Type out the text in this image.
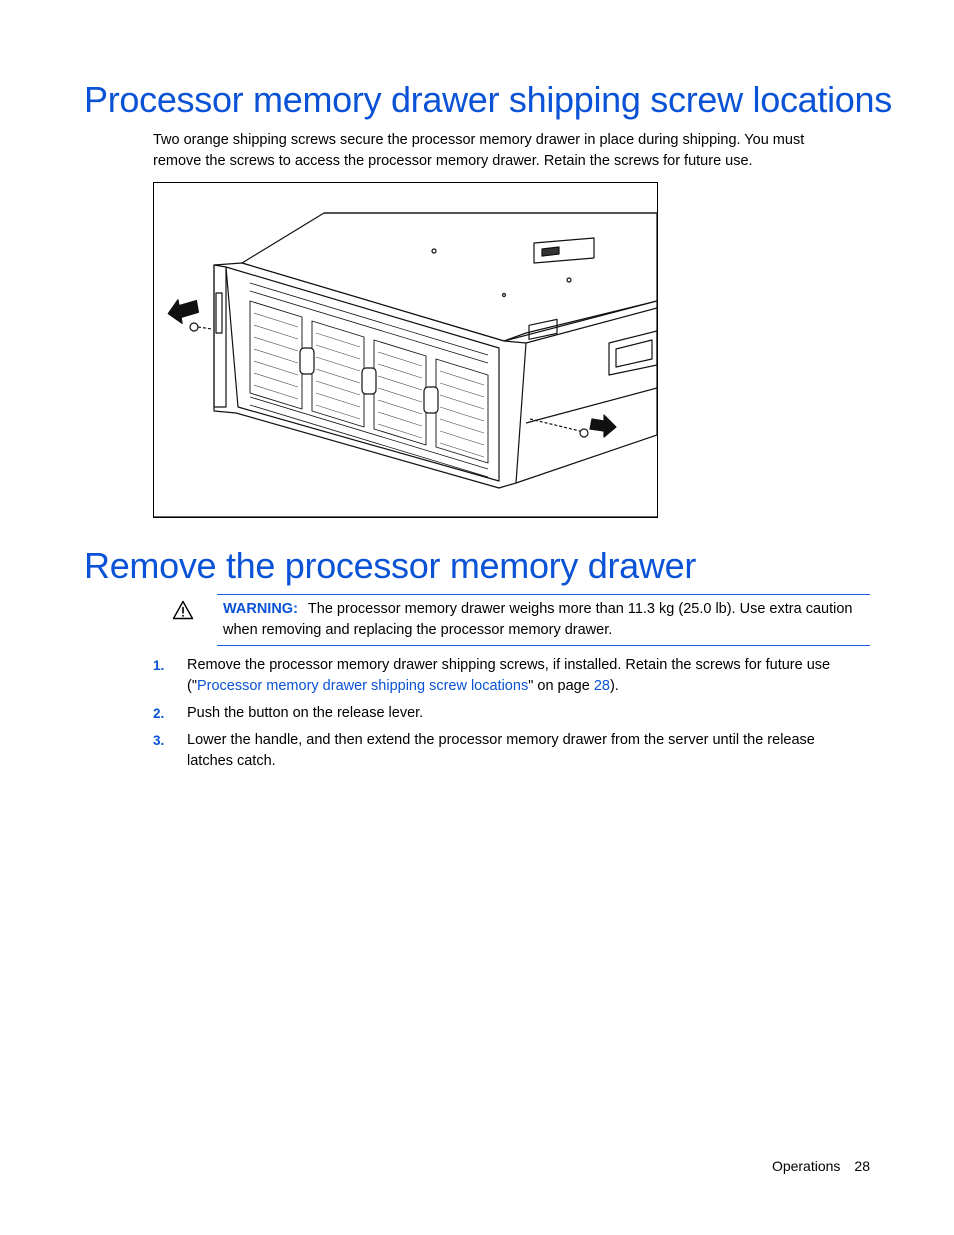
Processor memory drawer shipping screw locations

Two orange shipping screws secure the processor memory drawer in place during shipping. You must remove the screws to access the processor memory drawer. Retain the screws for future use.

Remove the processor memory drawer

WARNING: The processor memory drawer weighs more than 11.3 kg (25.0 lb). Use extra caution when removing and replacing the processor memory drawer.

1. Remove the processor memory drawer shipping screws, if installed. Retain the screws for future use ("Processor memory drawer shipping screw locations" on page 28).

2. Push the button on the release lever.

3. Lower the handle, and then extend the processor memory drawer from the server until the release latches catch.

Operations 28
